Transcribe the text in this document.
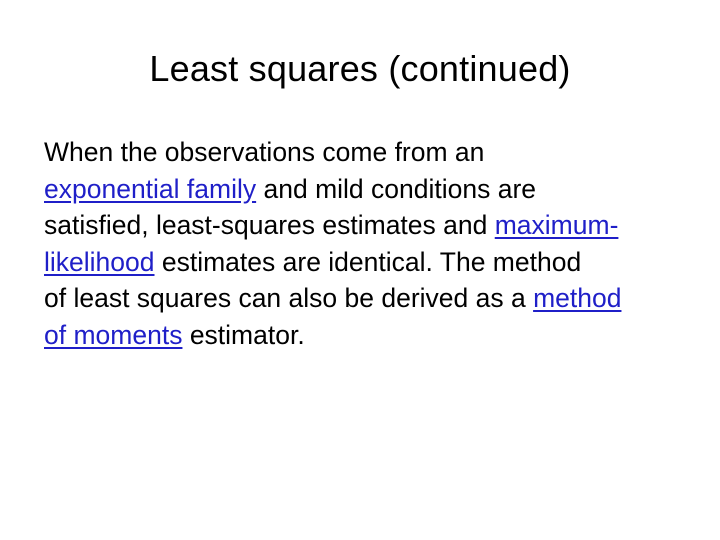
Least squares (continued)
When the observations come from an
exponential family and mild conditions are
satisfied, least-squares estimates and maximum-
likelihood estimates are identical. The method
of least squares can also be derived as a method
of moments estimator.
